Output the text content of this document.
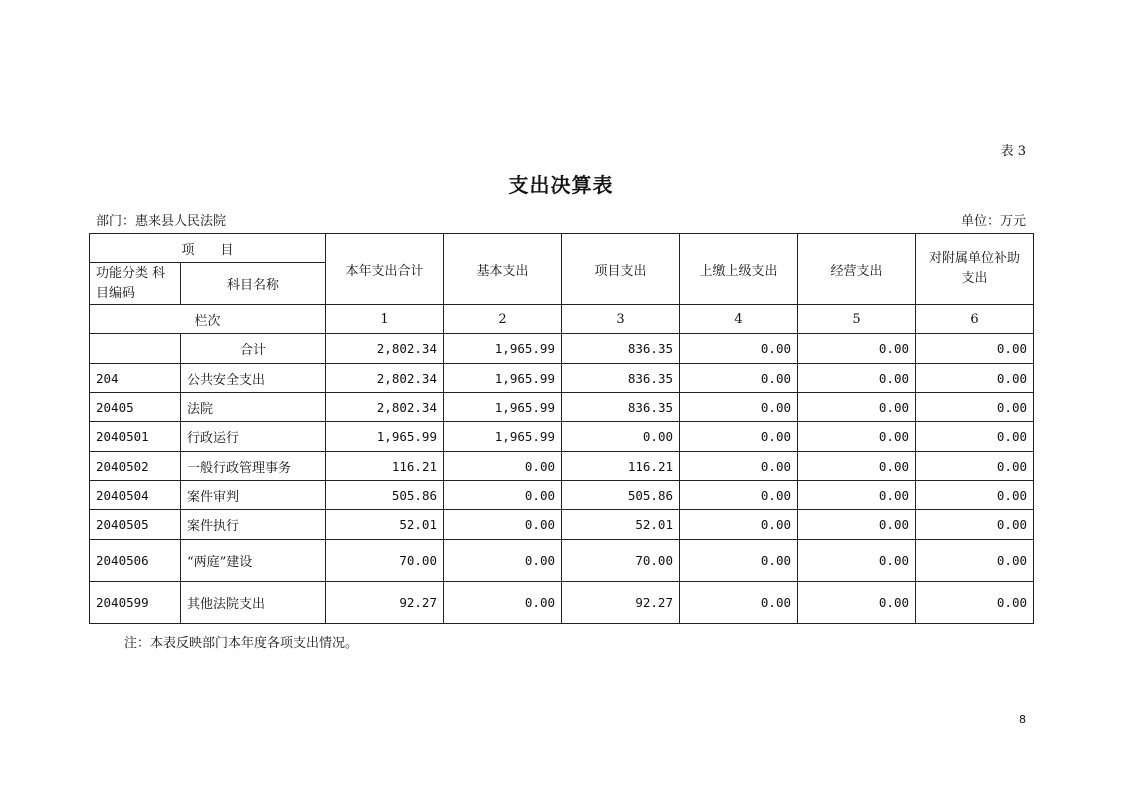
表 3
支出决算表
部门：惠来县人民法院	单位：万元
项　　目		本年支出合计	基本支出	项目支出	上缴上级支出	经营支出	对附属单位补助支出
功能分类 科目编码	科目名称						
栏次		1	2	3	4	5	6
	合计	2,802.34	1,965.99	836.35	0.00	0.00	0.00
204	公共安全支出	2,802.34	1,965.99	836.35	0.00	0.00	0.00
20405	法院	2,802.34	1,965.99	836.35	0.00	0.00	0.00
2040501	行政运行	1,965.99	1,965.99	0.00	0.00	0.00	0.00
2040502	一般行政管理事务	116.21	0.00	116.21	0.00	0.00	0.00
2040504	案件审判	505.86	0.00	505.86	0.00	0.00	0.00
2040505	案件执行	52.01	0.00	52.01	0.00	0.00	0.00
2040506	“两庭”建设	70.00	0.00	70.00	0.00	0.00	0.00
2040599	其他法院支出	92.27	0.00	92.27	0.00	0.00	0.00
注：本表反映部门本年度各项支出情况。
8
